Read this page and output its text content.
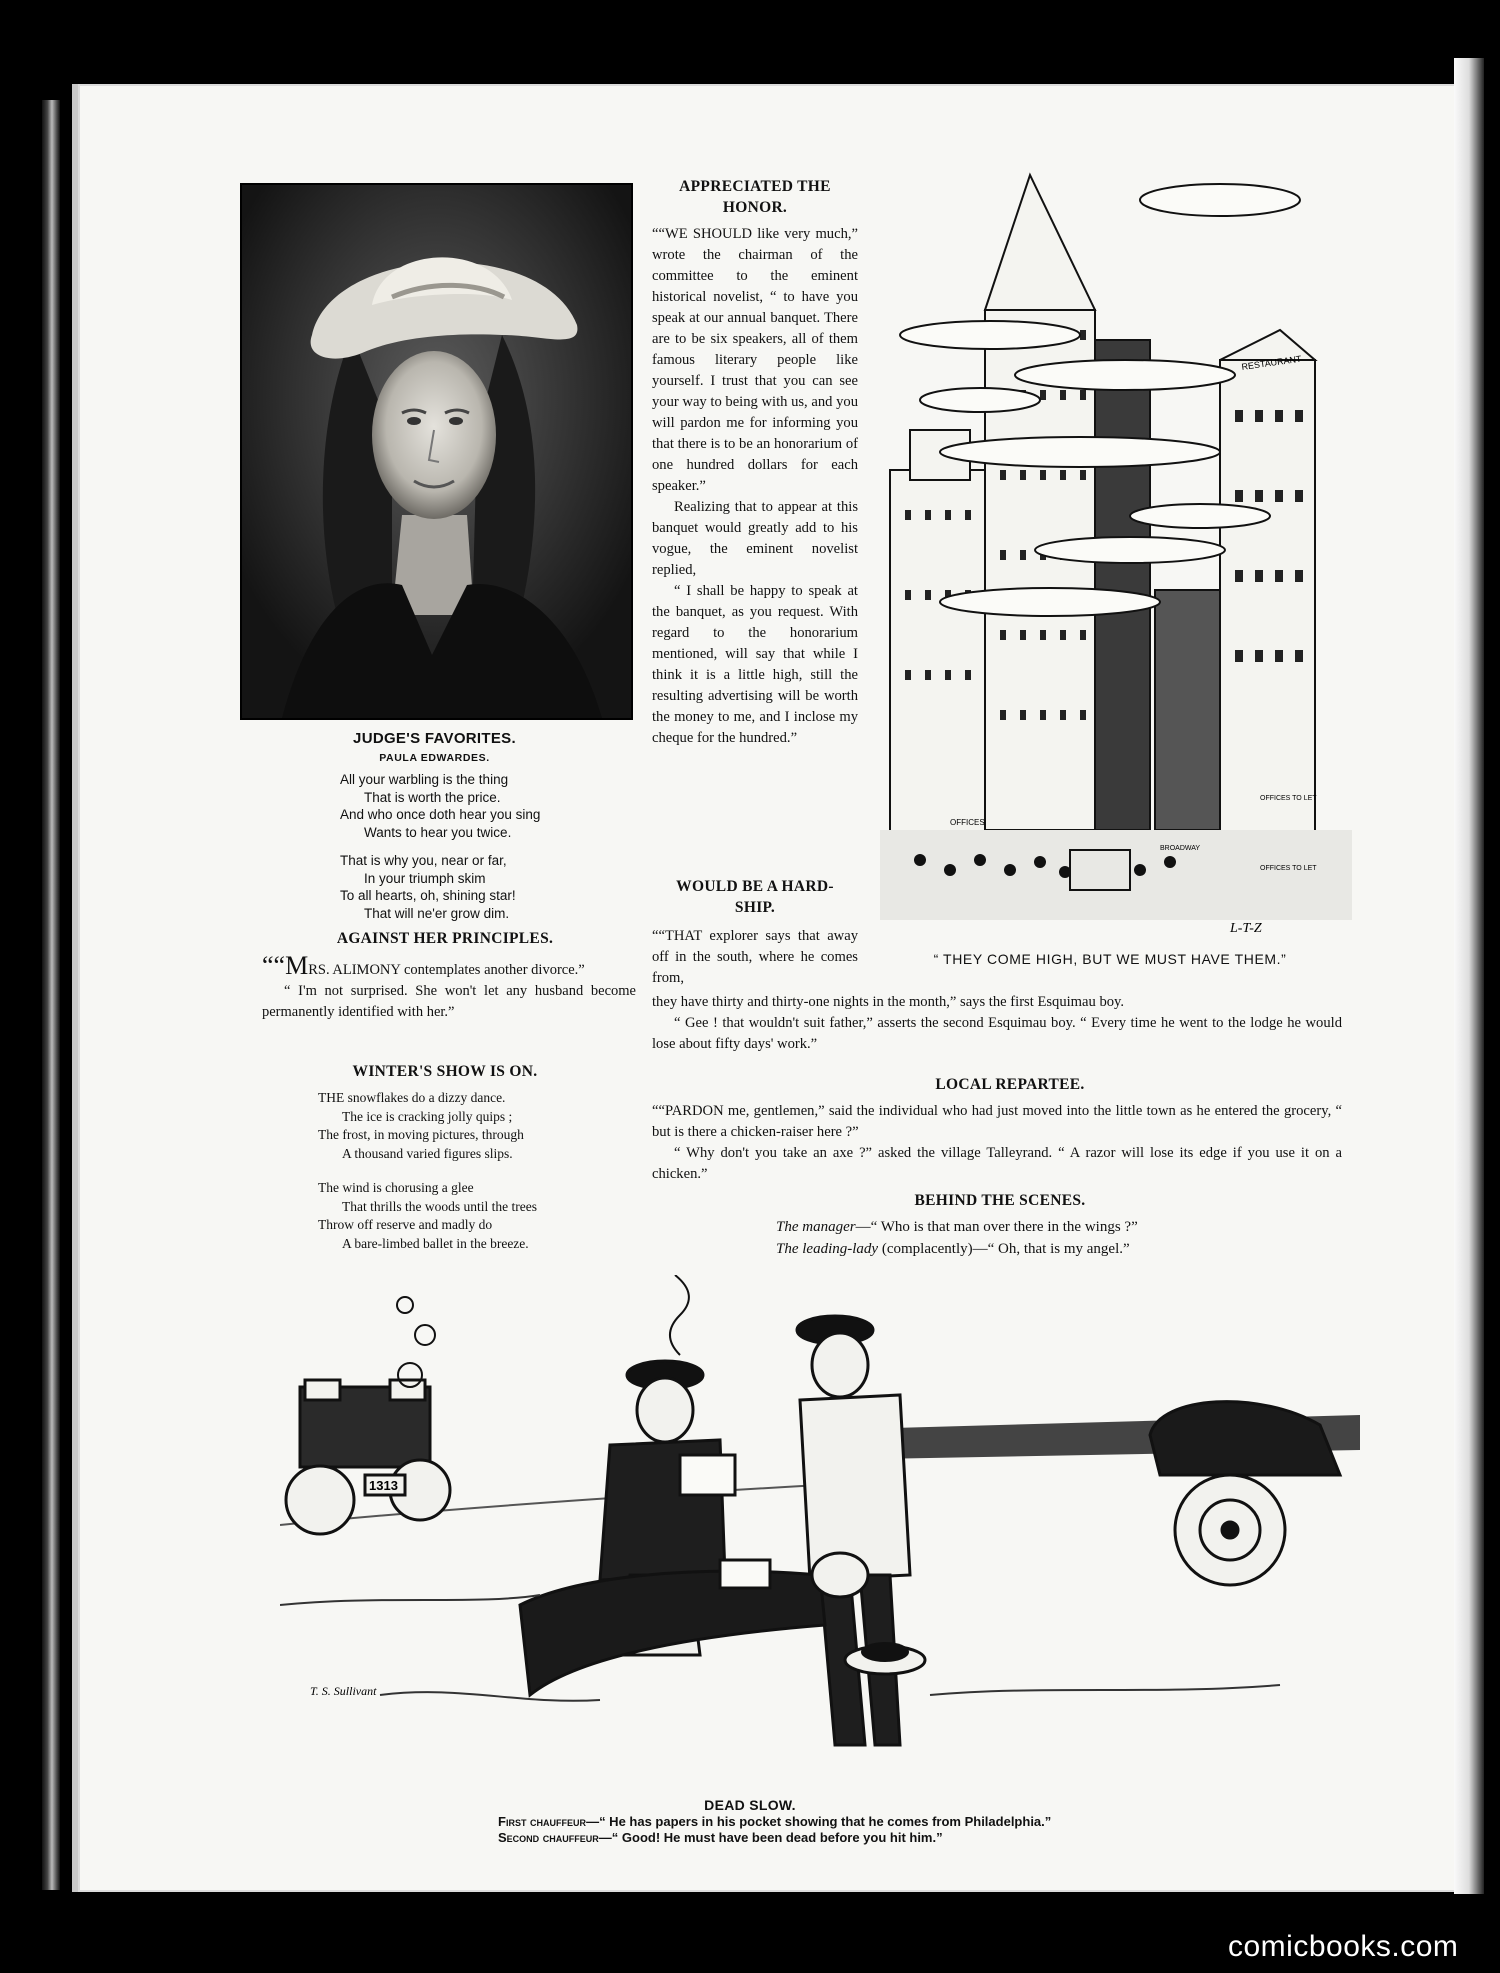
JUDGE'S FAVORITES.
PAULA EDWARDES.
All your warbling is the thing
That is worth the price.
And who once doth hear you sing
Wants to hear you twice.
That is why you, near or far,
In your triumph skim
To all hearts, oh, shining star!
That will ne'er grow dim.
AGAINST HER PRINCIPLES.
““MRS. ALIMONY contemplates another divorce.”
“ I'm not surprised. She won't let any husband become permanently identified with her.”
WINTER'S SHOW IS ON.
THE snowflakes do a dizzy dance.
The ice is cracking jolly quips ;
The frost, in moving pictures, through
A thousand varied figures slips.
The wind is chorusing a glee
That thrills the woods until the trees
Throw off reserve and madly do
A bare-limbed ballet in the breeze.
APPRECIATED THE
HONOR.
““WE SHOULD like very much,” wrote the chairman of the committee to the eminent historical novelist, “ to have you speak at our annual banquet. There are to be six speakers, all of them famous literary people like yourself. I trust that you can see your way to being with us, and you will pardon me for informing you that there is to be an honorarium of one hundred dollars for each speaker.”
Realizing that to appear at this banquet would greatly add to his vogue, the eminent novelist replied,
“ I shall be happy to speak at the banquet, as you request. With regard to the honorarium mentioned, will say that while I think it is a little high, still the resulting advertising will be worth the money to me, and I inclose my cheque for the hundred.”
WOULD BE A HARD-
SHIP.
““THAT explorer says that away off in the south, where he comes from,
they have thirty and thirty-one nights in the month,” says the first Esquimau boy.
“ Gee ! that wouldn't suit father,” asserts the second Esquimau boy. “ Every time he went to the lodge he would lose about fifty days' work.”
RESTAURANT
OFFICES TO LET
OFFICES
BROADWAY
OFFICES TO LET
L-T-Z
“ THEY COME HIGH, BUT WE MUST HAVE THEM.”
LOCAL REPARTEE.
““PARDON me, gentlemen,” said the individual who had just moved into the little town as he entered the grocery, “ but is there a chicken-raiser here ?”
“ Why don't you take an axe ?” asked the village Talleyrand. “ A razor will lose its edge if you use it on a chicken.”
BEHIND THE SCENES.
The manager—“ Who is that man over there in the wings ?”
The leading-lady (complacently)—“ Oh, that is my angel.”
1313
T. S. Sullivant
DEAD SLOW.
First chauffeur—“ He has papers in his pocket showing that he comes from Philadelphia.”
Second chauffeur—“ Good! He must have been dead before you hit him.”
comicbooks.com
